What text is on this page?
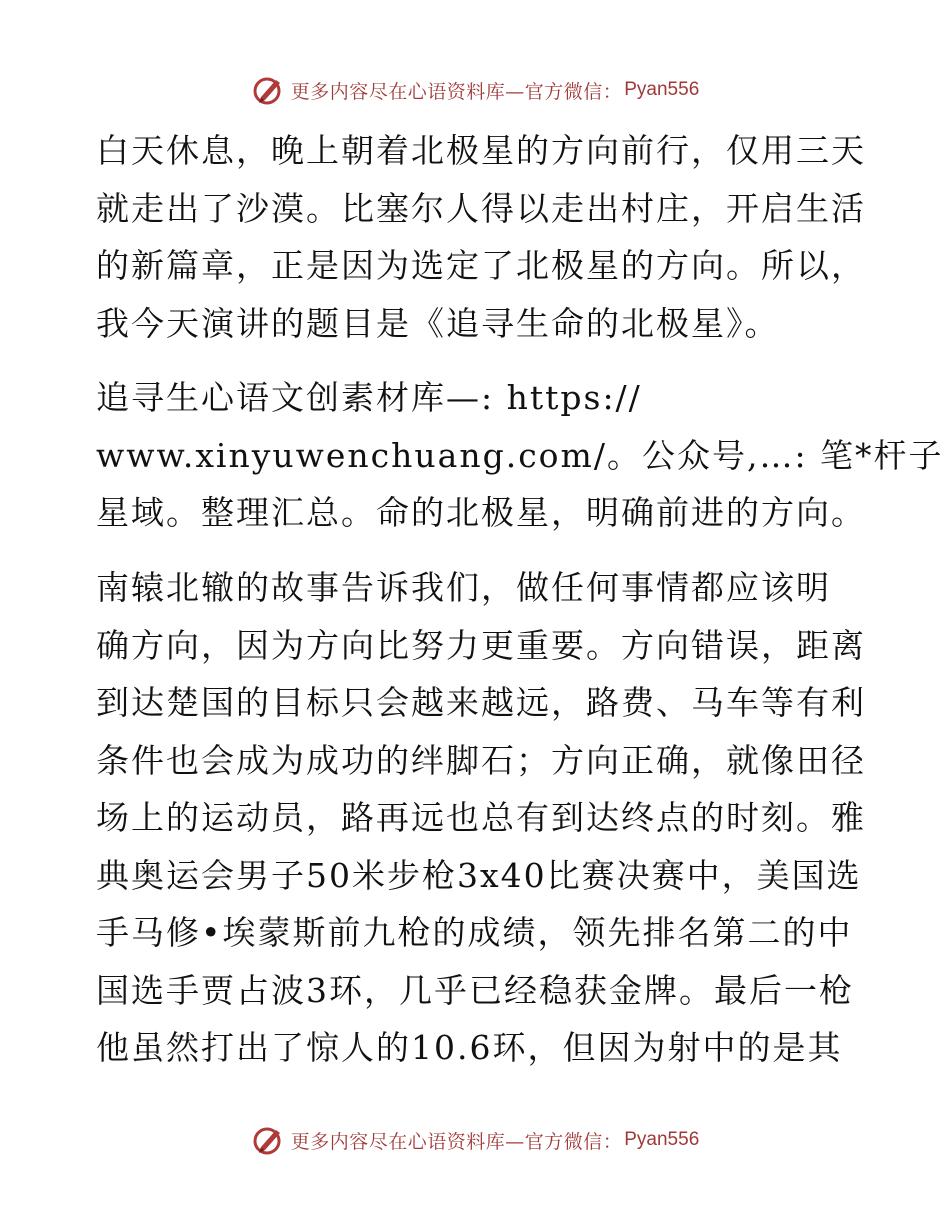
更多内容尽在心语资料库—官方微信： Pyan556
白天休息，晚上朝着北极星的方向前行，仅用三天
就走出了沙漠。比塞尔人得以走出村庄，开启生活
的新篇章，正是因为选定了北极星的方向。所以，
我今天演讲的题目是《追寻生命的北极星》。
追寻生心语文创素材库—: https://
www.xinyuwenchuang.com/。公众号,…: 笔*杆子
星域。整理汇总。命的北极星，明确前进的方向。
南辕北辙的故事告诉我们，做任何事情都应该明
确方向，因为方向比努力更重要。方向错误，距离
到达楚国的目标只会越来越远，路费、马车等有利
条件也会成为成功的绊脚石；方向正确，就像田径
场上的运动员，路再远也总有到达终点的时刻。雅
典奥运会男子50米步枪3x40比赛决赛中，美国选
手马修•埃蒙斯前九枪的成绩，领先排名第二的中
国选手贾占波3环，几乎已经稳获金牌。最后一枪
他虽然打出了惊人的10.6环，但因为射中的是其
更多内容尽在心语资料库—官方微信： Pyan556
